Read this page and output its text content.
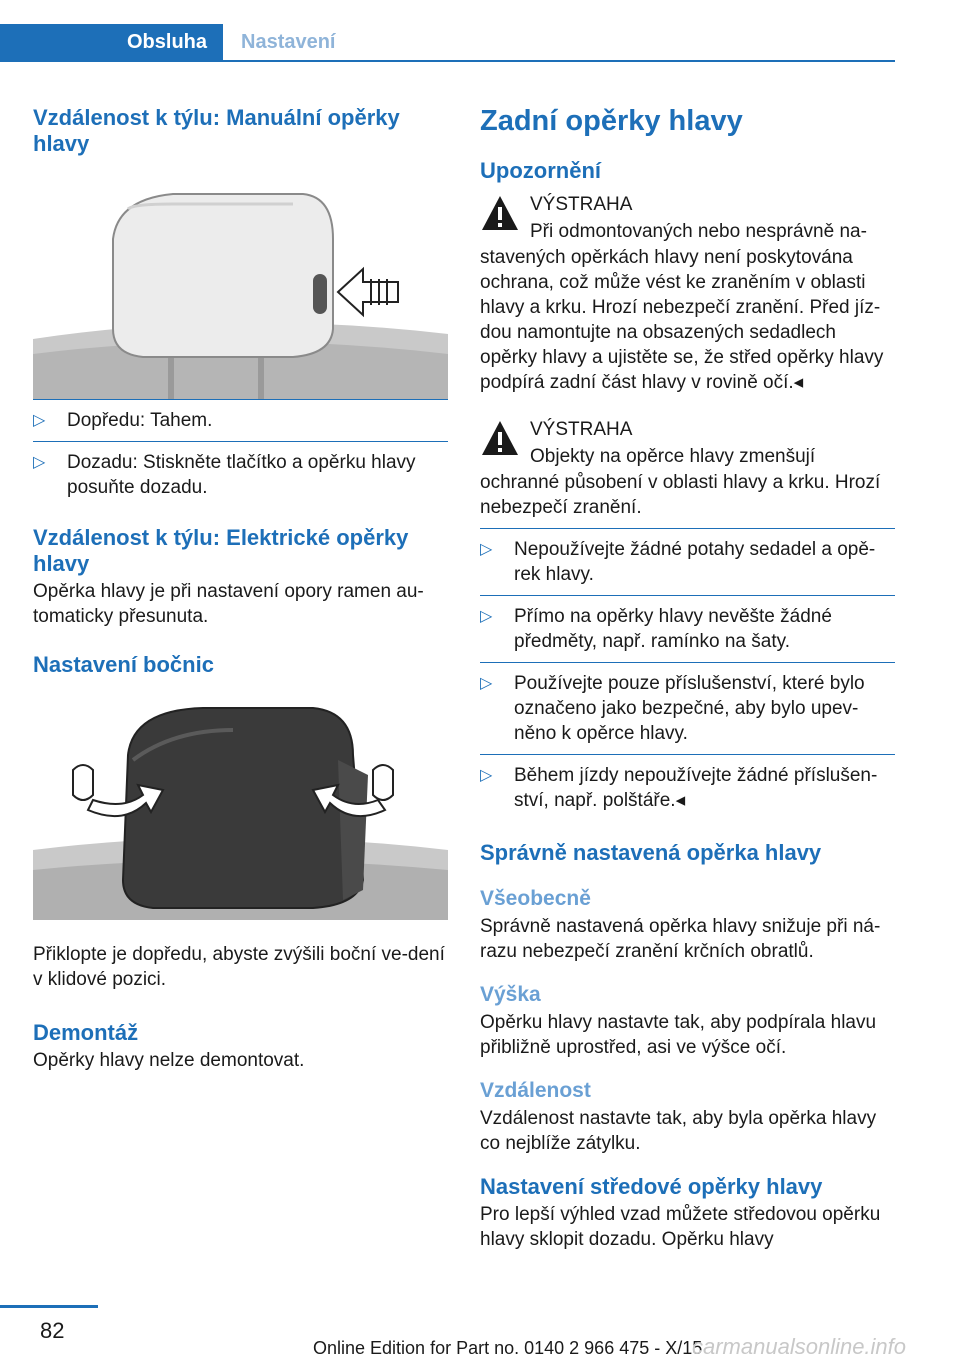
Obsluha	Nastavení
Vzdálenost k týlu: Manuální opěrky hlavy
▷ Dopředu: Tahem.
▷ Dozadu: Stiskněte tlačítko a opěrku hlavy posuňte dozadu.
Vzdálenost k týlu: Elektrické opěrky hlavy

Opěrka hlavy je při nastavení opory ramen au-tomaticky přesunuta.

Nastavení bočnic

Přiklopte je dopředu, abyste zvýšili boční ve-dení v klidové pozici.

Demontáž

Opěrky hlavy nelze demontovat.

Zadní opěrky hlavy
Upozornění

VÝSTRAHA

Při odmontovaných nebo nesprávně na-

stavených opěrkách hlavy není poskytována ochrana, což může vést ke zraněním v oblasti hlavy a krku. Hrozí nebezpečí zranění. Před jíz-dou namontujte na obsazených sedadlech opěrky hlavy a ujistěte se, že střed opěrky hlavy podpírá zadní část hlavy v rovině očí.◂

VÝSTRAHA

Objekty na opěrce hlavy zmenšují

ochranné působení v oblasti hlavy a krku. Hrozí nebezpečí zranění.

▷ Nepoužívejte žádné potahy sedadel a opě-rek hlavy.
▷ Přímo na opěrky hlavy nevěšte žádné předměty, např. ramínko na šaty.
▷ Používejte pouze příslušenství, které bylo označeno jako bezpečné, aby bylo upev-něno k opěrce hlavy.
▷ Během jízdy nepoužívejte žádné příslušen-ství, např. polštáře.◂
Správně nastavená opěrka hlavy
Všeobecně

Správně nastavená opěrka hlavy snižuje při ná-razu nebezpečí zranění krčních obratlů.

Výška

Opěrku hlavy nastavte tak, aby podpírala hlavu přibližně uprostřed, asi ve výšce očí.

Vzdálenost

Vzdálenost nastavte tak, aby byla opěrka hlavy co nejblíže zátylku.

Nastavení středové opěrky hlavy

Pro lepší výhled vzad můžete středovou opěrku hlavy sklopit dozadu. Opěrku hlavy

82
Online Edition for Part no. 0140 2 966 475 - X/15
carmanualsonline.info
